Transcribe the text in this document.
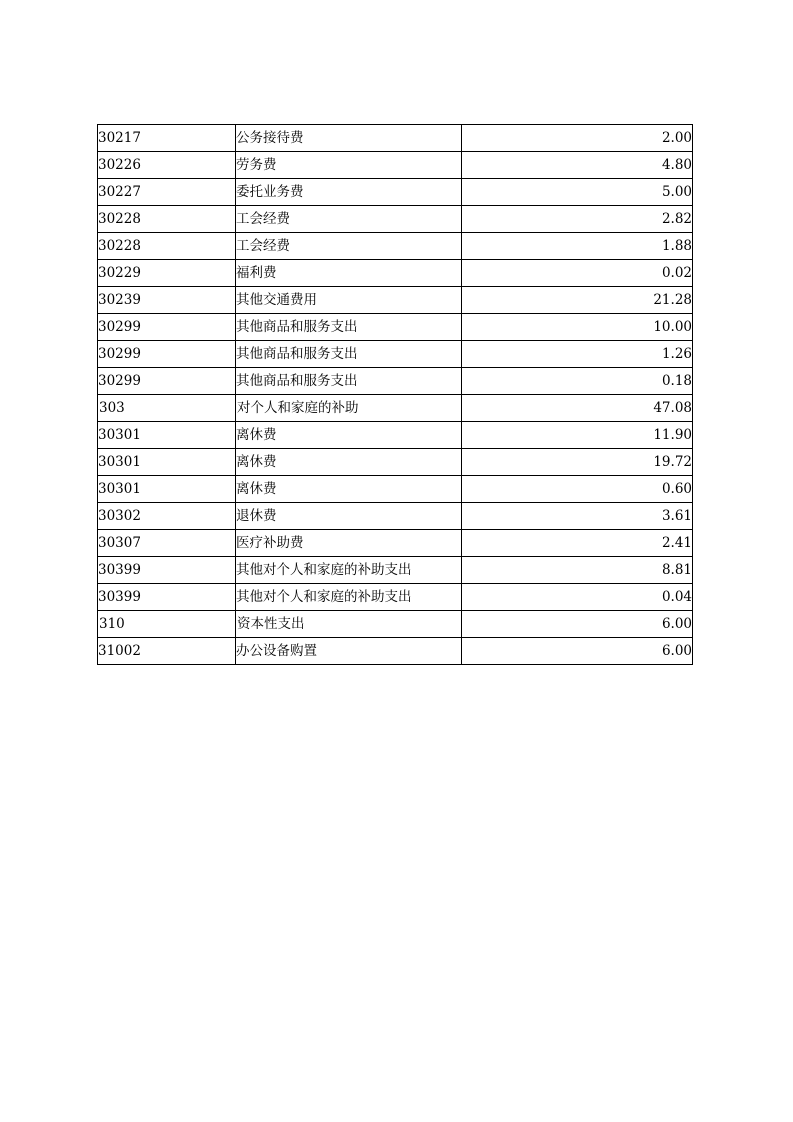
30217	公务接待费	2.00
30226	劳务费	4.80
30227	委托业务费	5.00
30228	工会经费	2.82
30228	工会经费	1.88
30229	福利费	0.02
30239	其他交通费用	21.28
30299	其他商品和服务支出	10.00
30299	其他商品和服务支出	1.26
30299	其他商品和服务支出	0.18
303	对个人和家庭的补助	47.08
30301	离休费	11.90
30301	离休费	19.72
30301	离休费	0.60
30302	退休费	3.61
30307	医疗补助费	2.41
30399	其他对个人和家庭的补助支出	8.81
30399	其他对个人和家庭的补助支出	0.04
310	资本性支出	6.00
31002	办公设备购置	6.00
